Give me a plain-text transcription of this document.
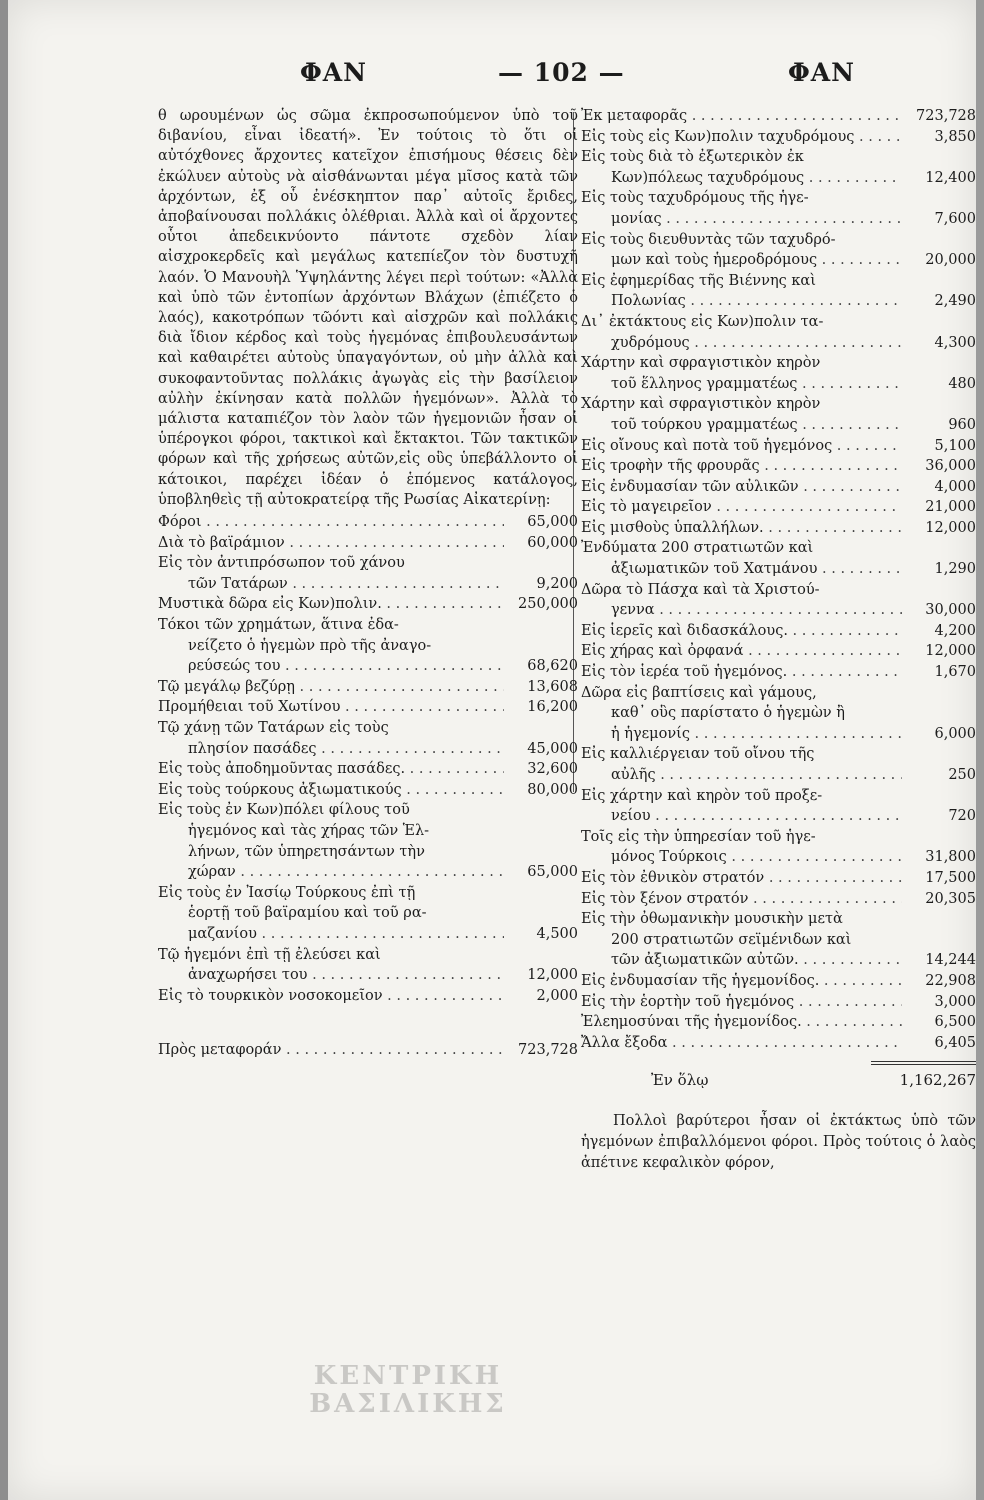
ΦΑΝ	— 102 —	ΦΑΝ

θ ωρουμένων ὡς σῶμα ἐκπροσωπούμενον ὑπὸ τοῦ διβανίου, εἶναι ἰδεατή». Ἐν τούτοις τὸ ὅτι οἱ αὐτόχθονες ἄρχοντες κατεῖχον ἐπισήμους θέσεις δὲν ἐκώλυεν αὐτοὺς νὰ αἰσθάνωνται μέγα μῖσος κατὰ τῶν ἀρχόντων, ἐξ οὗ ἐνέσκηπτον παρ᾽ αὐτοῖς ἔριδες, ἀποβαίνουσαι πολλάκις ὀλέθριαι. Ἀλλὰ καὶ οἱ ἄρχοντες οὗτοι ἀπεδεικνύοντο πάντοτε σχεδὸν λίαν αἰσχροκερδεῖς καὶ μεγάλως κατεπίεζον τὸν δυστυχῆ λαόν. Ὁ Μανουὴλ Ὑψηλάντης λέγει περὶ τούτων: «Ἀλλὰ καὶ ὑπὸ τῶν ἐντοπίων ἀρχόντων Βλάχων (ἐπιέζετο ὁ λαός), κακοτρόπων τῶόντι καὶ αἰσχρῶν καὶ πολλάκις διὰ ἴδιον κέρδος καὶ τοὺς ἡγεμόνας ἐπιβουλευσάντων καὶ καθαιρέτει αὐτοὺς ὑπαγαγόντων, οὐ μὴν ἀλλὰ καὶ συκοφαντοῦντας πολλάκις ἀγωγὰς εἰς τὴν βασίλειον αὐλὴν ἐκίνησαν κατὰ πολλῶν ἡγεμόνων». Ἀλλὰ τὸ μάλιστα καταπιέζον τὸν λαὸν τῶν ἡγεμονιῶν ἦσαν οἱ ὑπέρογκοι φόροι, τακτικοὶ καὶ ἔκτακτοι. Τῶν τακτικῶν φόρων καὶ τῆς χρήσεως αὐτῶν,εἰς οὓς ὑπεβάλλοντο οἱ κάτοικοι, παρέχει ἰδέαν ὁ ἑπόμενος κατάλογος, ὑποβληθεὶς τῇ αὐτοκρατείρᾳ τῆς Ρωσίας Αἰκατερίνῃ:

Φόροι . . .	65,000
Διὰ τὸ βαϊράμιον . . .	60,000
Εἰς τὸν ἀντιπρόσωπον τοῦ χάνου
τῶν Τατάρων . . .	9,200
Μυστικὰ δῶρα εἰς Κων)πολιν. . . .	250,000
Τόκοι τῶν χρημάτων, ἅτινα ἐδα-
νείζετο ὁ ἡγεμὼν πρὸ τῆς ἀναγο-
ρεύσεώς του . . .	68,620
Τῷ μεγάλῳ βεζύρῃ . . .	13,608
Προμήθειαι τοῦ Χωτίνου . . .	16,200
Τῷ χάνῃ τῶν Τατάρων εἰς τοὺς
πλησίον πασάδες . . .	45,000
Εἰς τοὺς ἀποδημοῦντας πασάδες. . . .	32,600
Εἰς τοὺς τούρκους ἀξιωματικούς . . .	80,000
Εἰς τοὺς ἐν Κων)πόλει φίλους τοῦ
ἡγεμόνος καὶ τὰς χήρας τῶν Ἑλ-
λήνων, τῶν ὑπηρετησάντων τὴν
χώραν . . .	65,000
Εἰς τοὺς ἐν Ἰασίῳ Τούρκους ἐπὶ τῇ
ἑορτῇ τοῦ βαϊραμίου καὶ τοῦ ρα-
μαζανίου . . .	4,500
Τῷ ἡγεμόνι ἐπὶ τῇ ἐλεύσει καὶ
ἀναχωρήσει του . . .	12,000
Εἰς τὸ τουρκικὸν νοσοκομεῖον . . .	2,000
Πρὸς μεταφοράν . . .	723,728
Ἐκ μεταφορᾶς . . .	723,728
Εἰς τοὺς εἰς Κων)πολιν ταχυδρόμους . . .	3,850
Εἰς τοὺς διὰ τὸ ἐξωτερικὸν ἐκ
Κων)πόλεως ταχυδρόμους . . .	12,400
Εἰς τοὺς ταχυδρόμους τῆς ἡγε-
μονίας . . .	7,600
Εἰς τοὺς διευθυντὰς τῶν ταχυδρό-
μων καὶ τοὺς ἡμεροδρόμους . . .	20,000
Εἰς ἐφημερίδας τῆς Βιέννης καὶ
Πολωνίας . . .	2,490
Δι᾽ ἐκτάκτους εἰς Κων)πολιν τα-
χυδρόμους . . .	4,300
Χάρτην καὶ σφραγιστικὸν κηρὸν
τοῦ ἕλληνος γραμματέως . . .	480
Χάρτην καὶ σφραγιστικὸν κηρὸν
τοῦ τούρκου γραμματέως . . .	960
Εἰς οἴνους καὶ ποτὰ τοῦ ἡγεμόνος . . .	5,100
Εἰς τροφὴν τῆς φρουρᾶς . . .	36,000
Εἰς ἐνδυμασίαν τῶν αὐλικῶν . . .	4,000
Εἰς τὸ μαγειρεῖον . . .	21,000
Εἰς μισθοὺς ὑπαλλήλων. . . .	12,000
Ἐνδύματα 200 στρατιωτῶν καὶ
ἀξιωματικῶν τοῦ Χατμάνου . . .	1,290
Δῶρα τὸ Πάσχα καὶ τὰ Χριστού-
γεννα . . .	30,000
Εἰς ἱερεῖς καὶ διδασκάλους. . . .	4,200
Εἰς χήρας καὶ ὀρφανά . . .	12,000
Εἰς τὸν ἱερέα τοῦ ἡγεμόνος. . . .	1,670
Δῶρα εἰς βαπτίσεις καὶ γάμους,
καθ᾽ οὓς παρίστατο ὁ ἡγεμὼν ἢ
ἡ ἡγεμονίς . . .	6,000
Εἰς καλλιέργειαν τοῦ οἴνου τῆς
αὐλῆς . . .	250
Εἰς χάρτην καὶ κηρὸν τοῦ προξε-
νείου . . .	720
Τοῖς εἰς τὴν ὑπηρεσίαν τοῦ ἡγε-
μόνος Τούρκοις . . .	31,800
Εἰς τὸν ἐθνικὸν στρατόν . . .	17,500
Εἰς τὸν ξένον στρατόν . . .	20,305
Εἰς τὴν ὀθωμανικὴν μουσικὴν μετὰ
200 στρατιωτῶν σεϊμένιδων καὶ
τῶν ἀξιωματικῶν αὐτῶν. . . .	14,244
Εἰς ἐνδυμασίαν τῆς ἡγεμονίδος. . . .	22,908
Εἰς τὴν ἑορτὴν τοῦ ἡγεμόνος . . .	3,000
Ἐλεημοσύναι τῆς ἡγεμονίδος. . . .	6,500
Ἄλλα ἔξοδα . . .	6,405
Ἐν ὅλῳ	1,162,267

Πολλοὶ βαρύτεροι ἦσαν οἱ ἐκτάκτως ὑπὸ τῶν ἡγεμόνων ἐπιβαλλόμενοι φόροι. Πρὸς τούτοις ὁ λαὸς ἀπέτινε κεφαλικὸν φόρον,

ΚΕΝΤΡΙΚΗ
ΒΑΣΙΛΙΚΗΣ
